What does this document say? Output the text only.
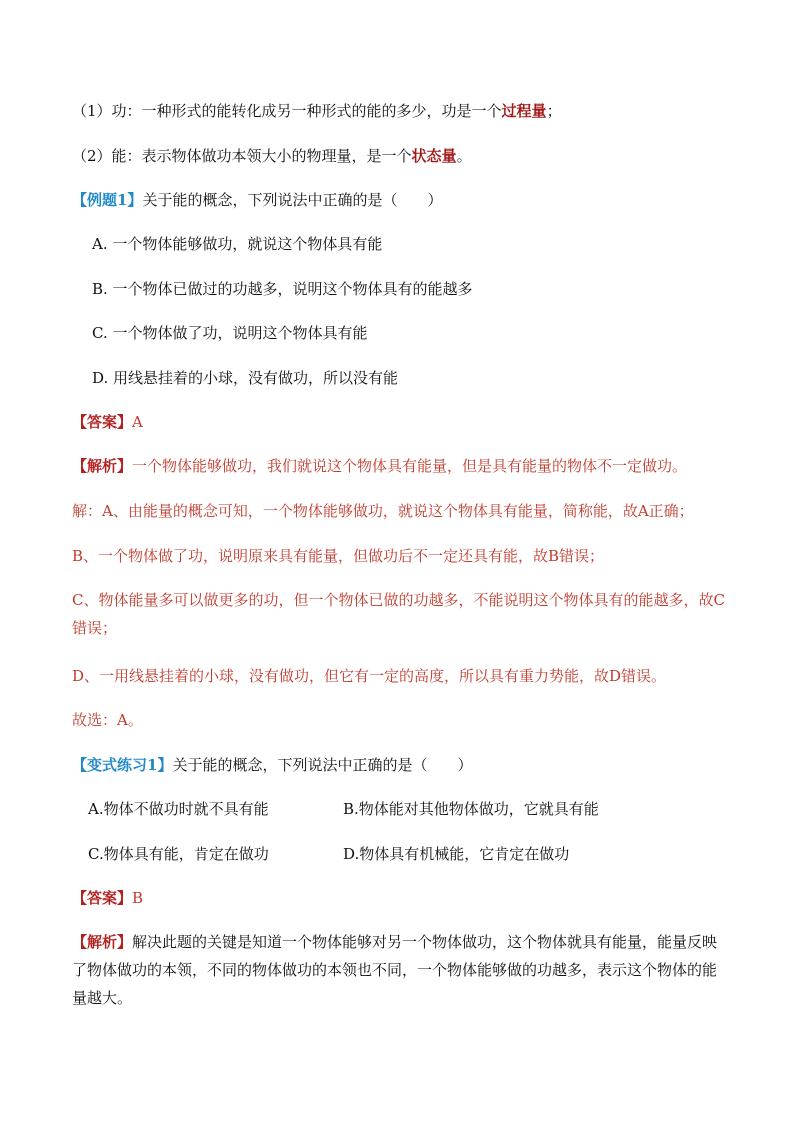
（1）功：一种形式的能转化成另一种形式的能的多少，功是一个过程量；
（2）能：表示物体做功本领大小的物理量，是一个状态量。
【例题1】关于能的概念，下列说法中正确的是（　　）
A. 一个物体能够做功，就说这个物体具有能
B. 一个物体已做过的功越多，说明这个物体具有的能越多
C. 一个物体做了功，说明这个物体具有能
D. 用线悬挂着的小球，没有做功，所以没有能
【答案】A
【解析】一个物体能够做功，我们就说这个物体具有能量，但是具有能量的物体不一定做功。
解：A、由能量的概念可知，一个物体能够做功，就说这个物体具有能量，简称能，故A正确；
B、一个物体做了功，说明原来具有能量，但做功后不一定还具有能，故B错误；
C、物体能量多可以做更多的功，但一个物体已做的功越多，不能说明这个物体具有的能越多，故C错误；
D、一用线悬挂着的小球，没有做功，但它有一定的高度，所以具有重力势能，故D错误。
故选：A。
【变式练习1】关于能的概念，下列说法中正确的是（　　）
A.物体不做功时就不具有能	B.物体能对其他物体做功，它就具有能
C.物体具有能，肯定在做功	D.物体具有机械能，它肯定在做功
【答案】B
【解析】解决此题的关键是知道一个物体能够对另一个物体做功，这个物体就具有能量，能量反映了物体做功的本领，不同的物体做功的本领也不同，一个物体能够做的功越多，表示这个物体的能量越大。
